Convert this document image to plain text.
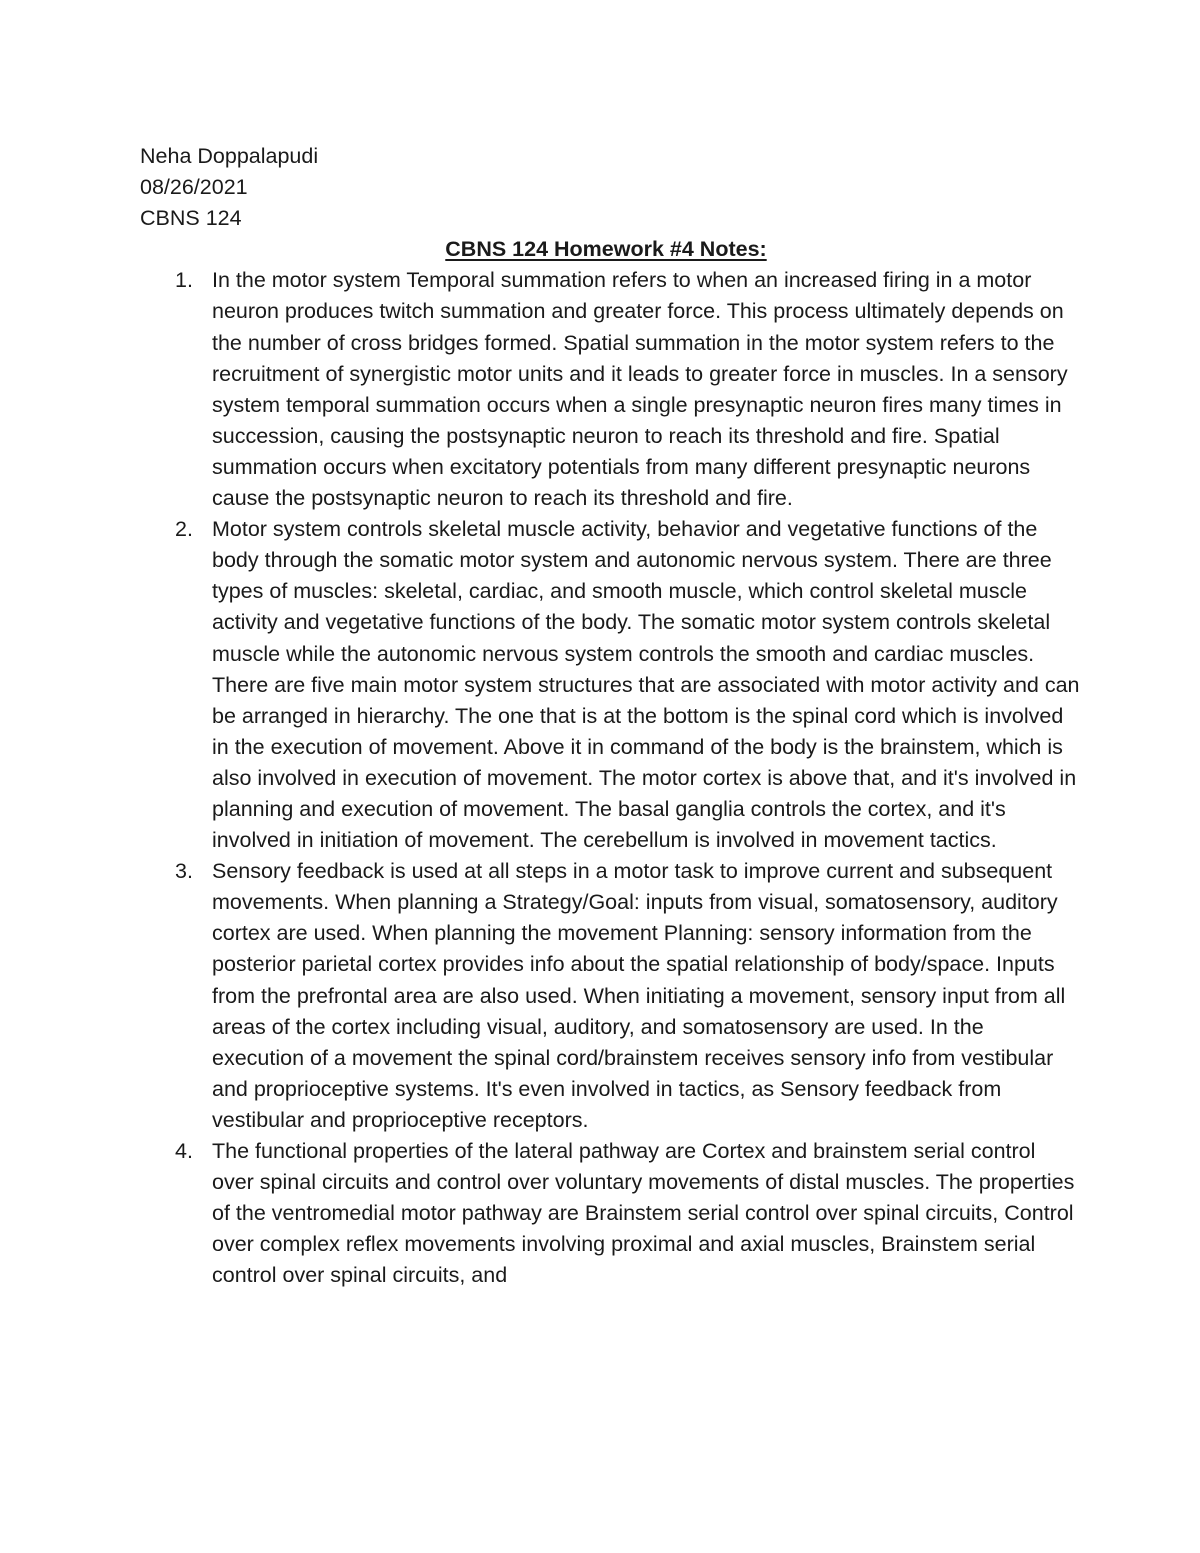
Neha Doppalapudi
08/26/2021
CBNS 124
CBNS 124 Homework #4 Notes:
1. In the motor system Temporal summation refers to when an increased firing in a motor neuron produces twitch summation and greater force. This process ultimately depends on the number of cross bridges formed. Spatial summation in the motor system refers to the recruitment of synergistic motor units and it leads to greater force in muscles. In a sensory system temporal summation occurs when a single presynaptic neuron fires many times in succession, causing the postsynaptic neuron to reach its threshold and fire. Spatial summation occurs when excitatory potentials from many different presynaptic neurons cause the postsynaptic neuron to reach its threshold and fire.
2. Motor system controls skeletal muscle activity, behavior and vegetative functions of the body through the somatic motor system and autonomic nervous system. There are three types of muscles: skeletal, cardiac, and smooth muscle, which control skeletal muscle activity and vegetative functions of the body. The somatic motor system controls skeletal muscle while the autonomic nervous system controls the smooth and cardiac muscles. There are five main motor system structures that are associated with motor activity and can be arranged in hierarchy. The one that is at the bottom is the spinal cord which is involved in the execution of movement. Above it in command of the body is the brainstem, which is also involved in execution of movement. The motor cortex is above that, and it's involved in planning and execution of movement. The basal ganglia controls the cortex, and it's involved in initiation of movement. The cerebellum is involved in movement tactics.
3. Sensory feedback is used at all steps in a motor task to improve current and subsequent movements. When planning a Strategy/Goal: inputs from visual, somatosensory, auditory cortex are used. When planning the movement Planning: sensory information from the posterior parietal cortex provides info about the spatial relationship of body/space. Inputs from the prefrontal area are also used. When initiating a movement, sensory input from all areas of the cortex including visual, auditory, and somatosensory are used. In the execution of a movement the spinal cord/brainstem receives sensory info from vestibular and proprioceptive systems. It's even involved in tactics, as Sensory feedback from vestibular and proprioceptive receptors.
4. The functional properties of the lateral pathway are Cortex and brainstem serial control over spinal circuits and control over voluntary movements of distal muscles. The properties of the ventromedial motor pathway are Brainstem serial control over spinal circuits, Control over complex reflex movements involving proximal and axial muscles, Brainstem serial control over spinal circuits, and
